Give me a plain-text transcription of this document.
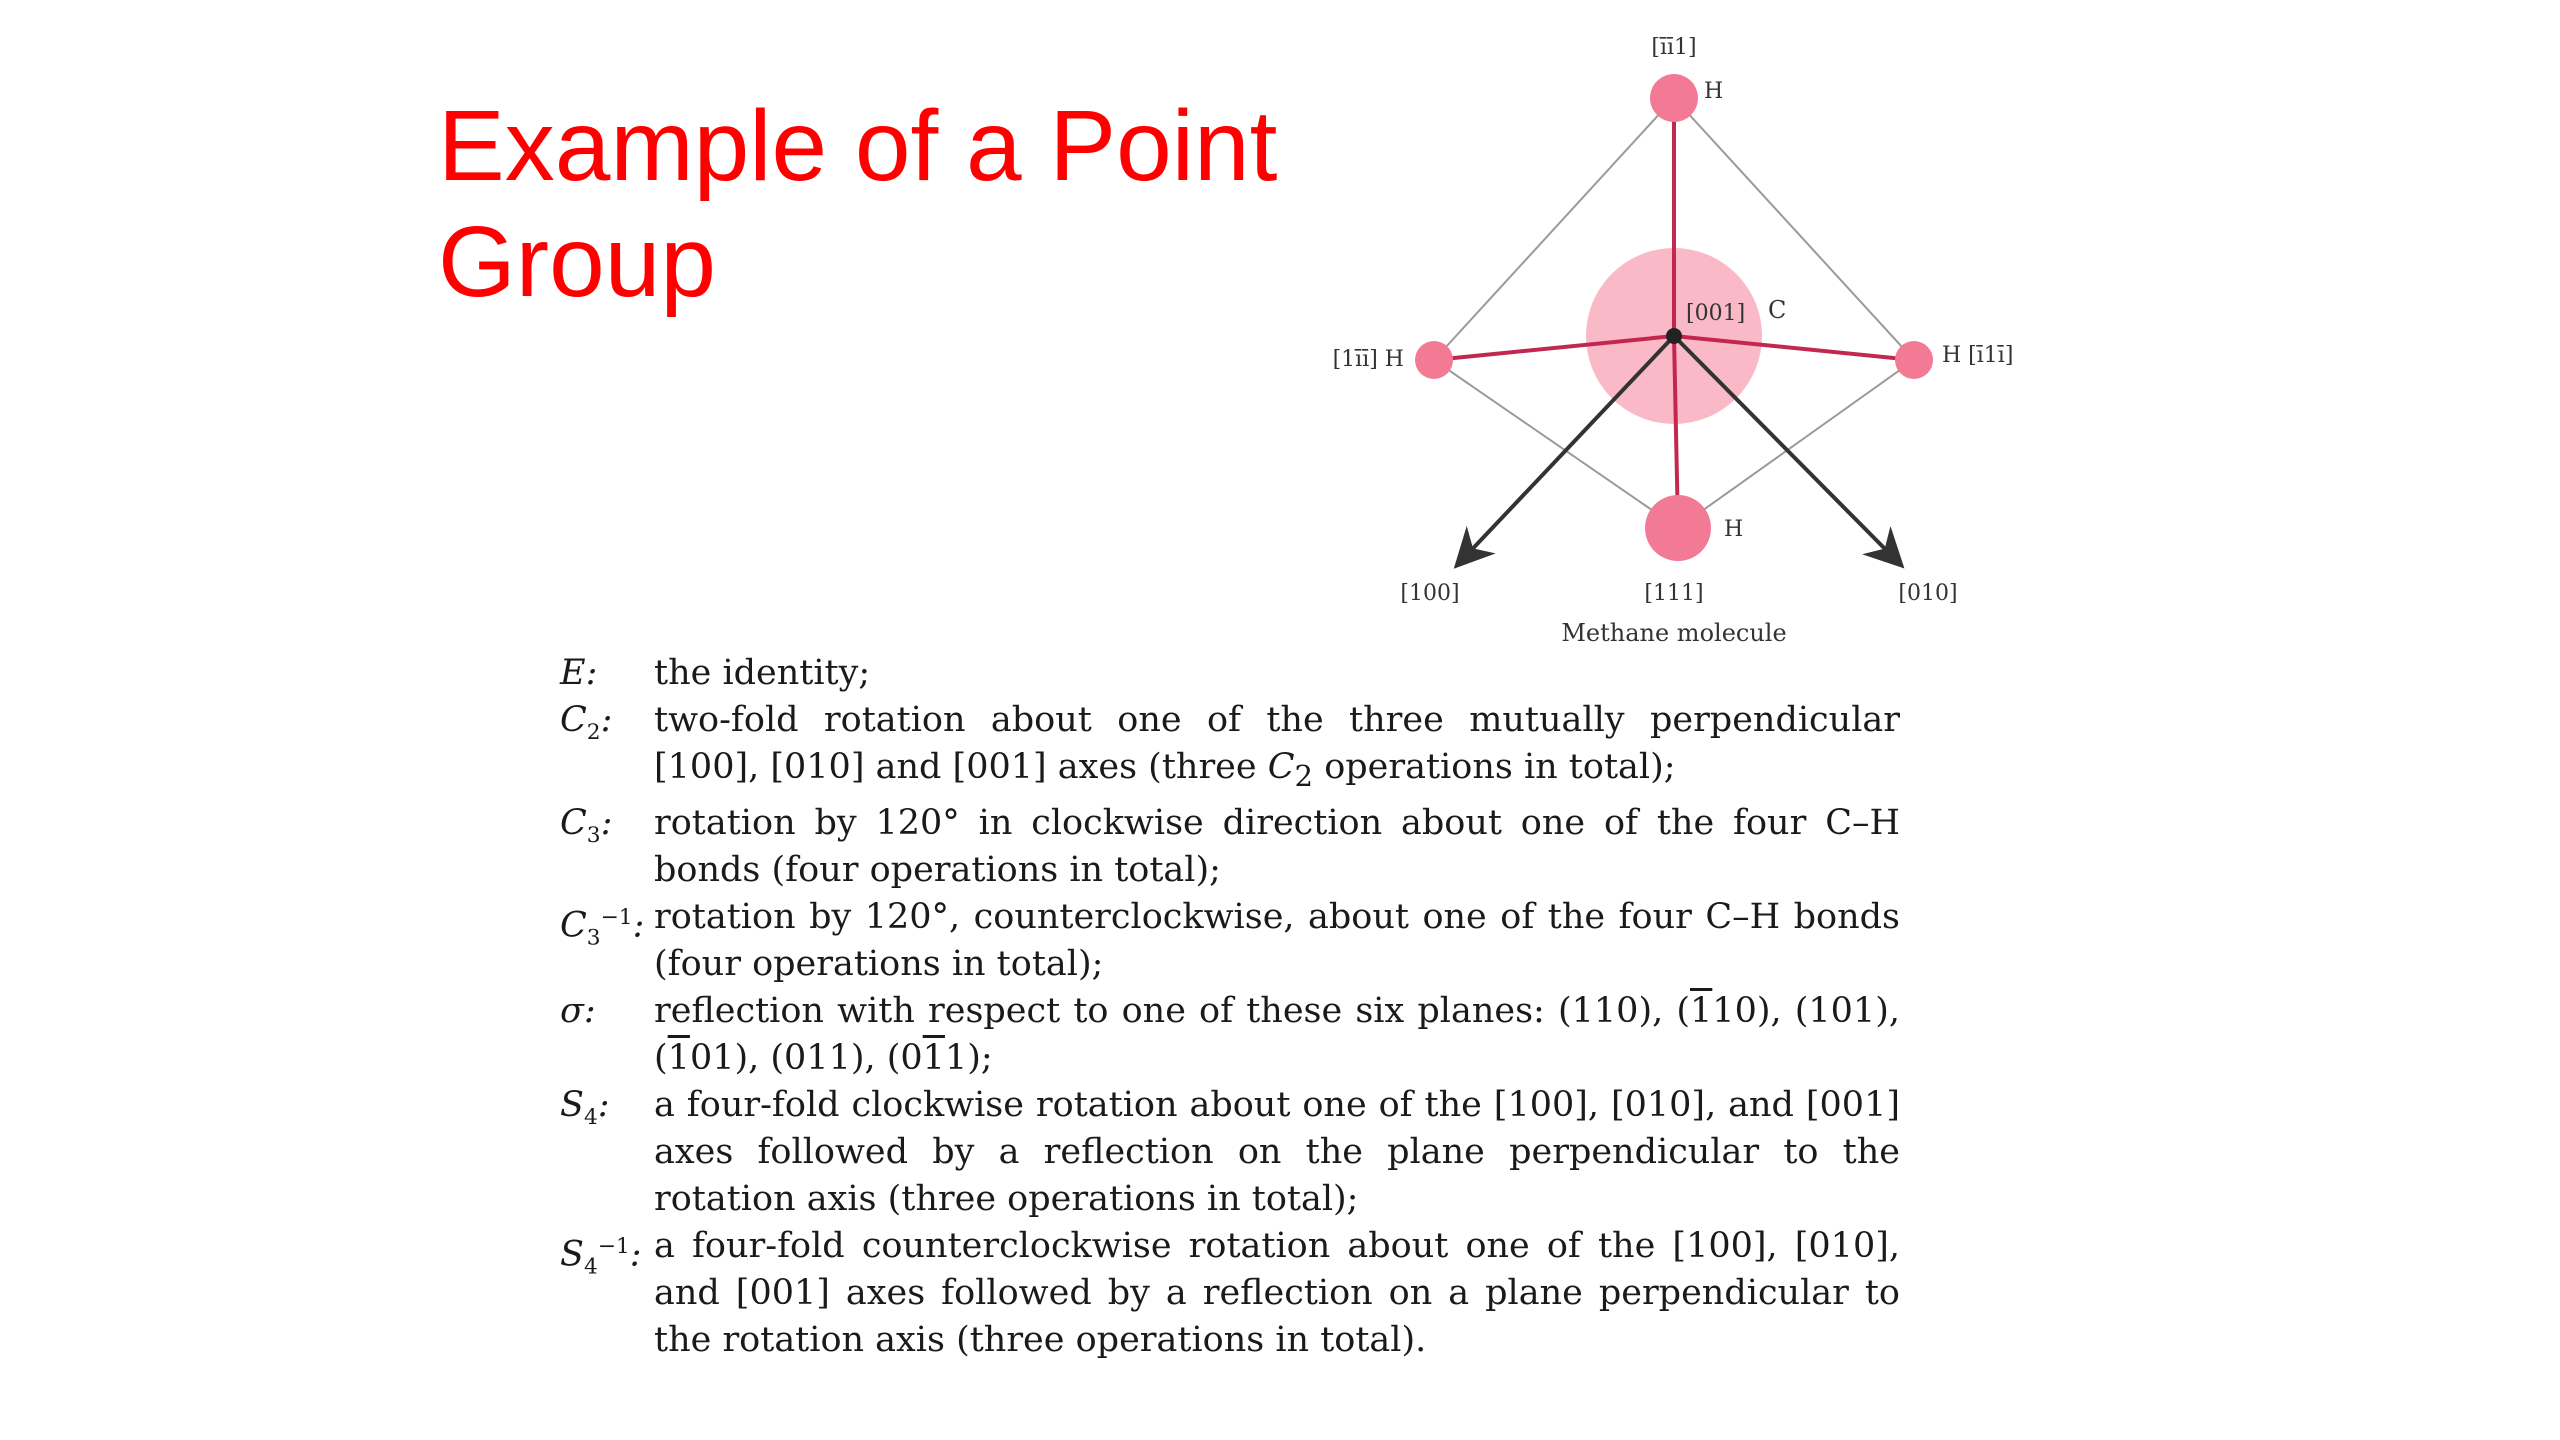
Example of a Point
Group
[īī1]
H
[1īī] H	H [ī1ī]
[001] C
H
[100]	[111]	[010]
Methane molecule
E:	the identity;
$C_2$:	two-fold rotation about one of the three mutually perpendicular [100], [010] and [001] axes (three $C_2$ operations in total);
$C_3$:	rotation by 120° in clockwise direction about one of the four C–H bonds (four operations in total);
$C_3^{-1}$: rotation by 120°, counterclockwise, about one of the four C–H bonds (four operations in total);
σ:	reflection with respect to one of these six planes: (110), (110), (101), (101), (011), (011);
$S_4$:	a four-fold clockwise rotation about one of the [100], [010], and [001] axes followed by a reflection on the plane perpendicular to the rotation axis (three operations in total);
$S_4^{-1}$: a four-fold counterclockwise rotation about one of the [100], [010], and [001] axes followed by a reflection on a plane perpendicular to the rotation axis (three operations in total).
